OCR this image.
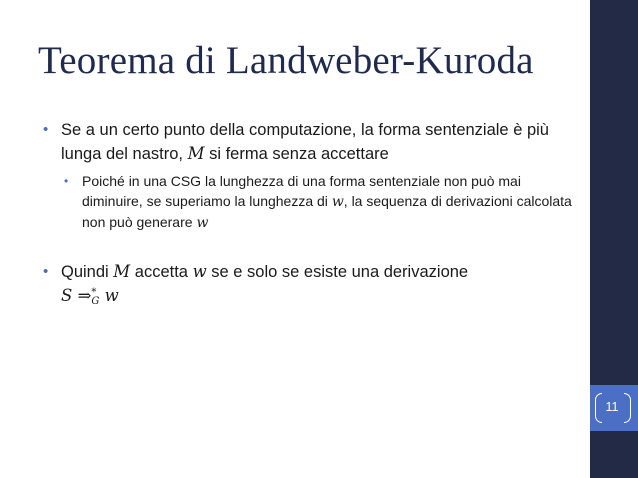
Teorema di Landweber-Kuroda
• Se a un certo punto della computazione, la forma sentenziale è più lunga del nastro, M si ferma senza accettare
• Poiché in una CSG la lunghezza di una forma sentenziale non può mai diminuire, se superiamo la lunghezza di w, la sequenza di derivazioni calcolata non può generare w
• Quindi M accetta w se e solo se esiste una derivazione
S ⇒ *
G w
11
